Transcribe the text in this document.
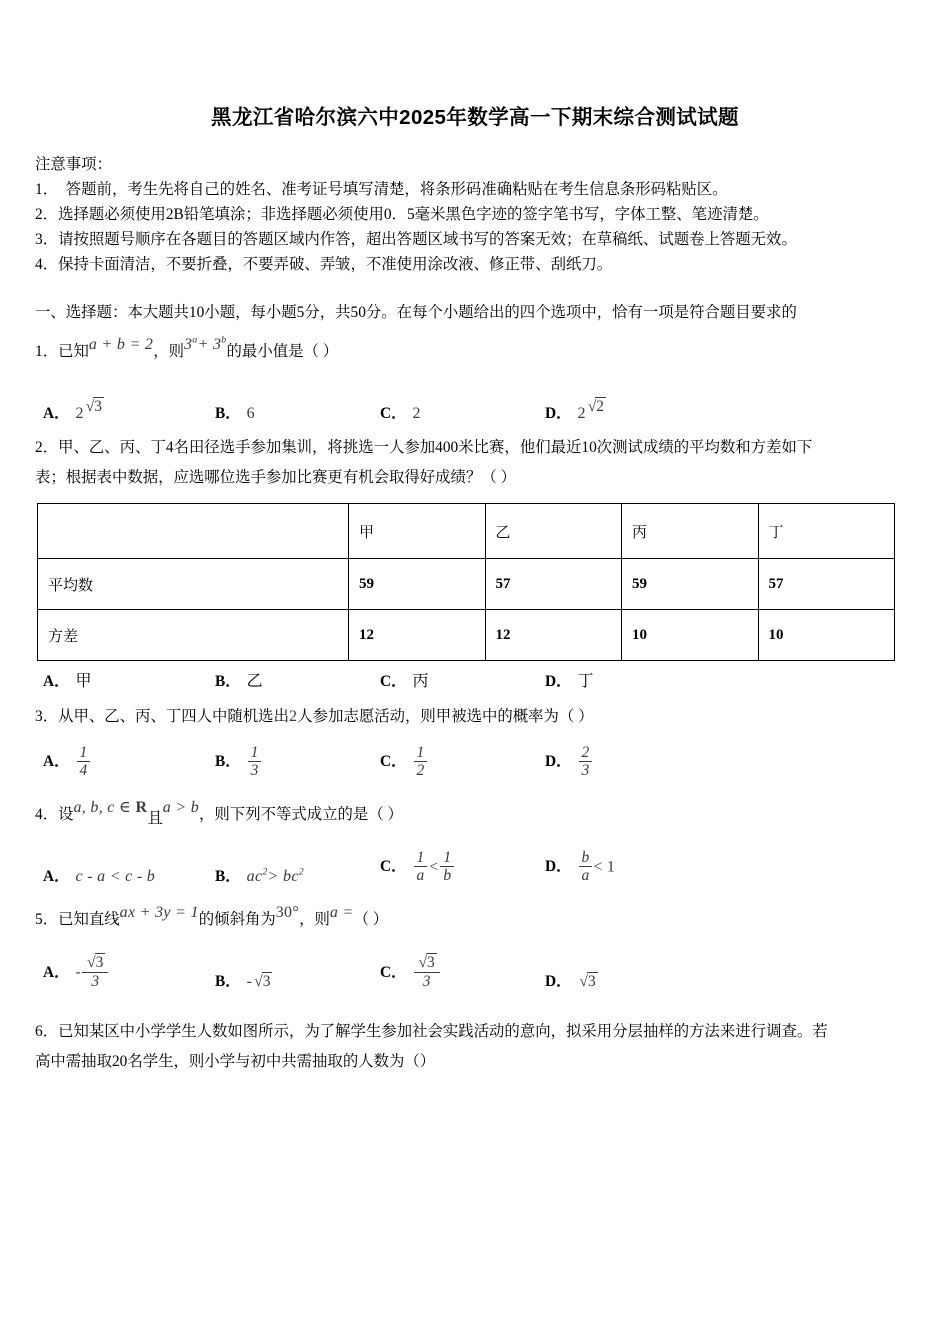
黑龙江省哈尔滨六中2025年数学高一下期末综合测试试题
注意事项：
1．　答题前，考生先将自己的姓名、准考证号填写清楚，将条形码准确粘贴在考生信息条形码粘贴区。
2．选择题必须使用2B铅笔填涂；非选择题必须使用0．5毫米黑色字迹的签字笔书写，字体工整、笔迹清楚。
3．请按照题号顺序在各题目的答题区域内作答，超出答题区域书写的答案无效；在草稿纸、试题卷上答题无效。
4．保持卡面清洁，不要折叠，不要弄破、弄皱，不准使用涂改液、修正带、刮纸刀。
一、选择题：本大题共10小题，每小题5分，共50分。在每个小题给出的四个选项中，恰有一项是符合题目要求的
1．已知a + b = 2，则$3^a+ 3^b$的最小值是（ ）
A． 2 √3	B． 6	C． 2	D． 2 √2
2．甲、乙、丙、丁4名田径选手参加集训，将挑选一人参加400米比赛，他们最近10次测试成绩的平均数和方差如下
表；根据表中数据，应选哪位选手参加比赛更有机会取得好成绩？（ ）
	甲	乙	丙	丁
平均数	59	57	59	57
方差	12	12	10	10
A． 甲	B． 乙	C． 丙	D． 丁
3．从甲、乙、丙、丁四人中随机选出2人参加志愿活动，则甲被选中的概率为（ ）
A． $\frac{1}{4}$	B． $\frac{1}{3}$	C． $\frac{1}{2}$	D． $\frac{2}{3}$
4．设a, b, c ∈ R且a > b，则下列不等式成立的是（ ）
A． c - a < c - b	B． $ac^2> bc^2$	C． $\frac{1}{a} < \frac{1}{b}$	D． $\frac{b}{a} < 1$
5．已知直线ax + 3y = 1的倾斜角为30°，则a =（ ）
A． - $\frac{√3}{3}$	B． - √3
C． $\frac{√3}{3}$	D． √3
6．已知某区中小学学生人数如图所示，为了解学生参加社会实践活动的意向，拟采用分层抽样的方法来进行调查。若
高中需抽取20名学生，则小学与初中共需抽取的人数为（）
